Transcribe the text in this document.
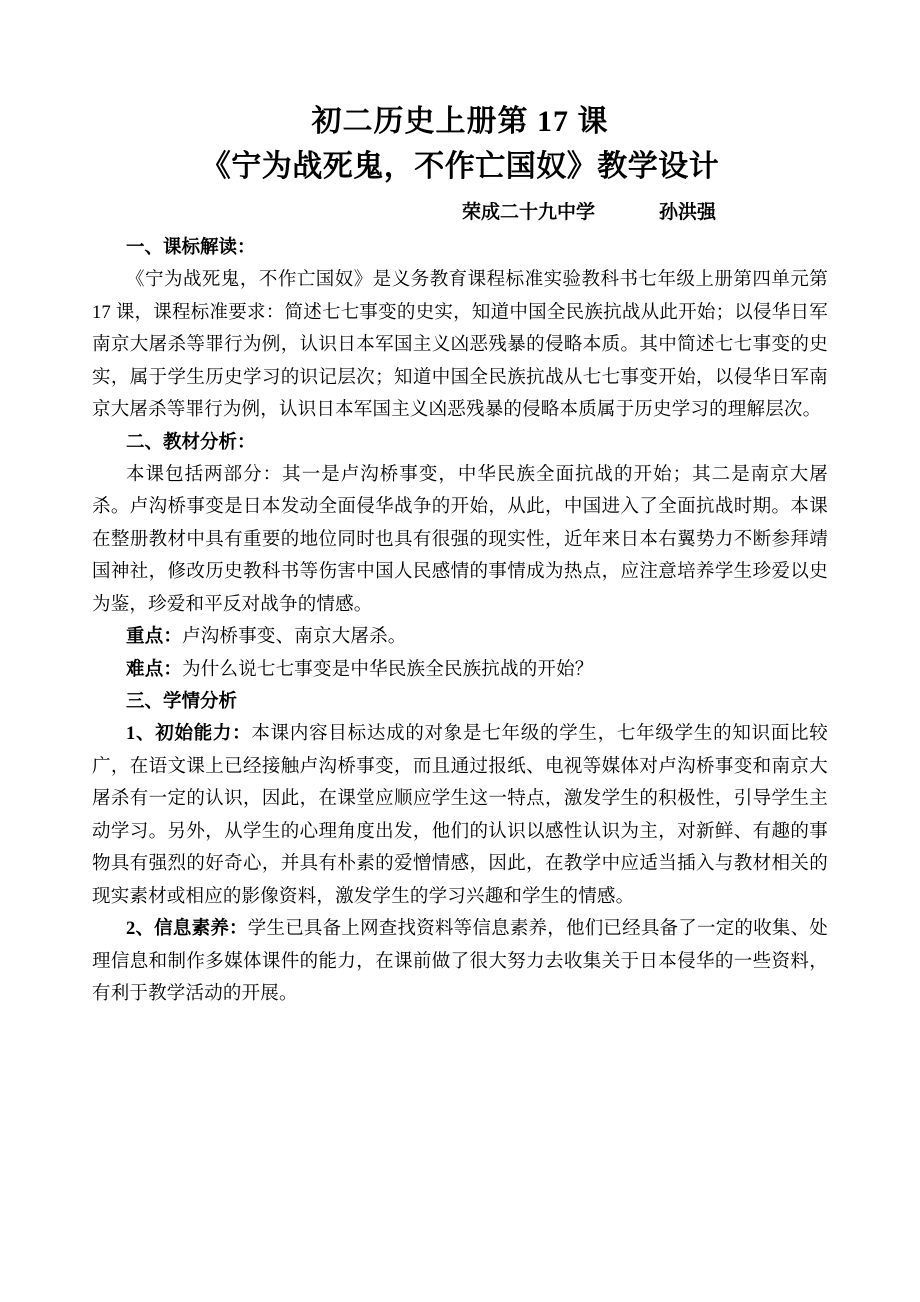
初二历史上册第 17 课
《宁为战死鬼，不作亡国奴》教学设计
荣成二十九中学	孙洪强
一、课标解读：

《宁为战死鬼，不作亡国奴》是义务教育课程标准实验教科书七年级上册第四单元第 17 课，课程标准要求：简述七七事变的史实，知道中国全民族抗战从此开始；以侵华日军南京大屠杀等罪行为例，认识日本军国主义凶恶残暴的侵略本质。其中简述七七事变的史实，属于学生历史学习的识记层次；知道中国全民族抗战从七七事变开始，以侵华日军南京大屠杀等罪行为例，认识日本军国主义凶恶残暴的侵略本质属于历史学习的理解层次。

二、教材分析：

本课包括两部分：其一是卢沟桥事变，中华民族全面抗战的开始；其二是南京大屠杀。卢沟桥事变是日本发动全面侵华战争的开始，从此，中国进入了全面抗战时期。本课在整册教材中具有重要的地位同时也具有很强的现实性，近年来日本右翼势力不断参拜靖国神社，修改历史教科书等伤害中国人民感情的事情成为热点，应注意培养学生珍爱以史为鉴，珍爱和平反对战争的情感。

重点：卢沟桥事变、南京大屠杀。

难点：为什么说七七事变是中华民族全民族抗战的开始？

三、学情分析

1、初始能力：本课内容目标达成的对象是七年级的学生，七年级学生的知识面比较广，在语文课上已经接触卢沟桥事变，而且通过报纸、电视等媒体对卢沟桥事变和南京大屠杀有一定的认识，因此，在课堂应顺应学生这一特点，激发学生的积极性，引导学生主动学习。另外，从学生的心理角度出发，他们的认识以感性认识为主，对新鲜、有趣的事物具有强烈的好奇心，并具有朴素的爱憎情感，因此，在教学中应适当插入与教材相关的现实素材或相应的影像资料，激发学生的学习兴趣和学生的情感。

2、信息素养：学生已具备上网查找资料等信息素养，他们已经具备了一定的收集、处理信息和制作多媒体课件的能力，在课前做了很大努力去收集关于日本侵华的一些资料，有利于教学活动的开展。
